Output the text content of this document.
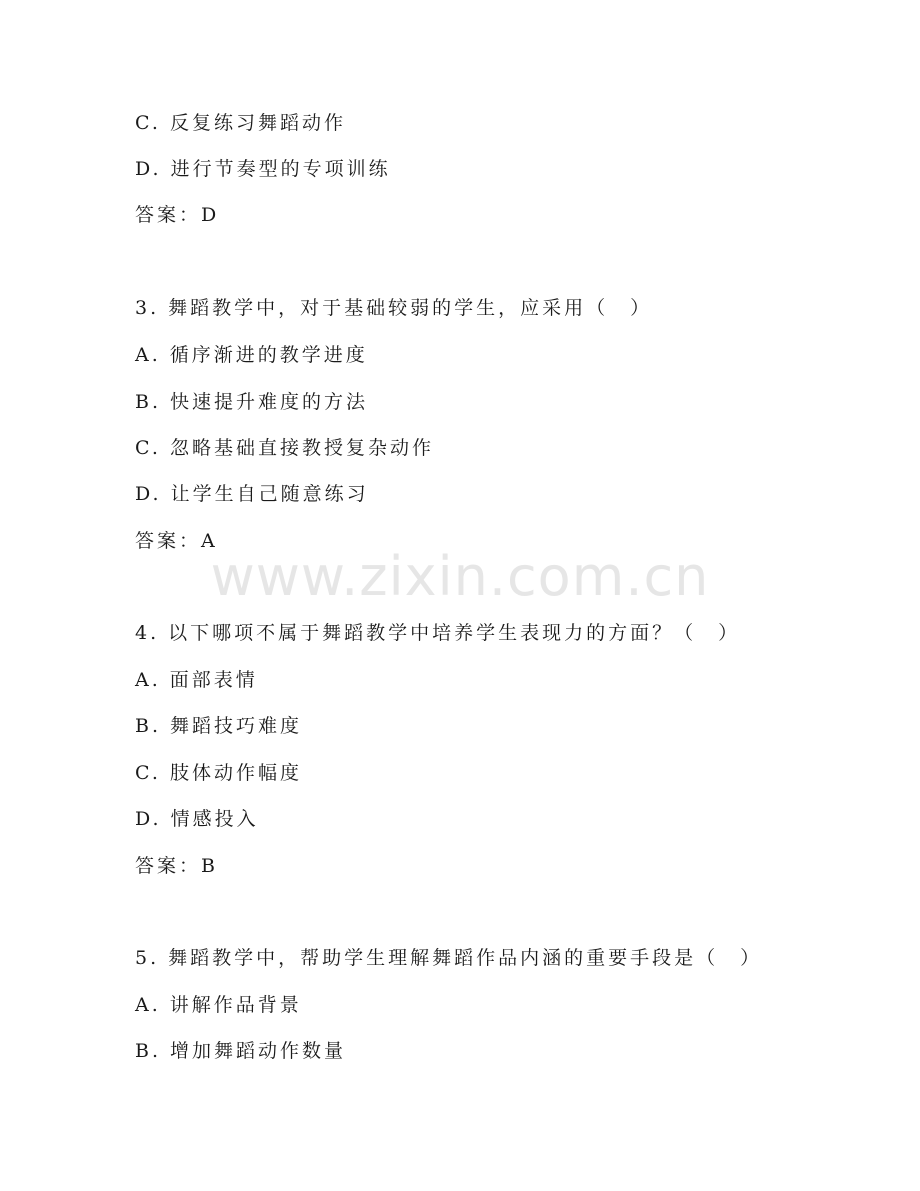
www.zixin.com.cn
C. 反复练习舞蹈动作
D. 进行节奏型的专项训练
答案：D
3. 舞蹈教学中，对于基础较弱的学生，应采用（　）
A. 循序渐进的教学进度
B. 快速提升难度的方法
C. 忽略基础直接教授复杂动作
D. 让学生自己随意练习
答案：A
4. 以下哪项不属于舞蹈教学中培养学生表现力的方面？（　）
A. 面部表情
B. 舞蹈技巧难度
C. 肢体动作幅度
D. 情感投入
答案：B
5. 舞蹈教学中，帮助学生理解舞蹈作品内涵的重要手段是（　）
A. 讲解作品背景
B. 增加舞蹈动作数量
